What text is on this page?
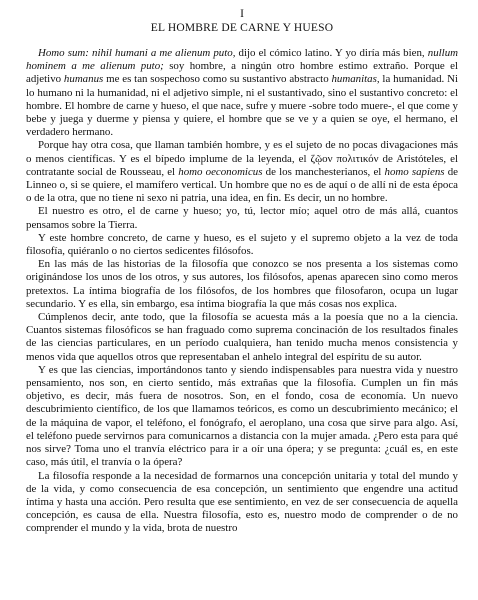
I
EL HOMBRE DE CARNE Y HUESO

Homo sum: nihil humani a me alienum puto, dijo el cómico latino. Y yo diría más bien, nullum hominem a me alienum puto; soy hombre, a ningún otro hombre estimo extraño. Porque el adjetivo humanus me es tan sospechoso como su sustantivo abstracto humanitas, la humanidad. Ni lo humano ni la humanidad, ni el adjetivo simple, ni el sustantivado, sino el sustantivo concreto: el hombre. El hombre de carne y hueso, el que nace, sufre y muere -sobre todo muere-, el que come y bebe y juega y duerme y piensa y quiere, el hombre que se ve y a quien se oye, el hermano, el verdadero hermano.

Porque hay otra cosa, que llaman también hombre, y es el sujeto de no pocas divagaciones más o menos científicas. Y es el bípedo implume de la leyenda, el ζῷον πολιτικόν de Aristóteles, el contratante social de Rousseau, el homo oeconomicus de los manchesterianos, el homo sapiens de Linneo o, si se quiere, el mamífero vertical. Un hombre que no es de aquí o de allí ni de esta época o de la otra, que no tiene ni sexo ni patria, una idea, en fin. Es decir, un no hombre.

El nuestro es otro, el de carne y hueso; yo, tú, lector mío; aquel otro de más allá, cuantos pensamos sobre la Tierra.

Y este hombre concreto, de carne y hueso, es el sujeto y el supremo objeto a la vez de toda filosofía, quiéranlo o no ciertos sedicentes filósofos.

En las más de las historias de la filosofía que conozco se nos presenta a los sistemas como originándose los unos de los otros, y sus autores, los filósofos, apenas aparecen sino como meros pretextos. La íntima biografía de los filósofos, de los hombres que filosofaron, ocupa un lugar secundario. Y es ella, sin embargo, esa íntima biografía la que más cosas nos explica.

Cúmplenos decir, ante todo, que la filosofía se acuesta más a la poesía que no a la ciencia. Cuantos sistemas filosóficos se han fraguado como suprema concinación de los resultados finales de las ciencias particulares, en un período cualquiera, han tenido mucha menos consistencia y menos vida que aquellos otros que representaban el anhelo integral del espíritu de su autor.

Y es que las ciencias, importándonos tanto y siendo indispensables para nuestra vida y nuestro pensamiento, nos son, en cierto sentido, más extrañas que la filosofía. Cumplen un fin más objetivo, es decir, más fuera de nosotros. Son, en el fondo, cosa de economía. Un nuevo descubrimiento científico, de los que llamamos teóricos, es como un descubrimiento mecánico; el de la máquina de vapor, el teléfono, el fonógrafo, el aeroplano, una cosa que sirve para algo. Así, el teléfono puede servirnos para comunicarnos a distancia con la mujer amada. ¿Pero esta para qué nos sirve? Toma uno el tranvía eléctrico para ir a oír una ópera; y se pregunta: ¿cuál es, en este caso, más útil, el tranvía o la ópera?

La filosofía responde a la necesidad de formarnos una concepción unitaria y total del mundo y de la vida, y como consecuencia de esa concepción, un sentimiento que engendre una actitud íntima y hasta una acción. Pero resulta que ese sentimiento, en vez de ser consecuencia de aquella concepción, es causa de ella. Nuestra filosofía, esto es, nuestro modo de comprender o de no comprender el mundo y la vida, brota de nuestro
